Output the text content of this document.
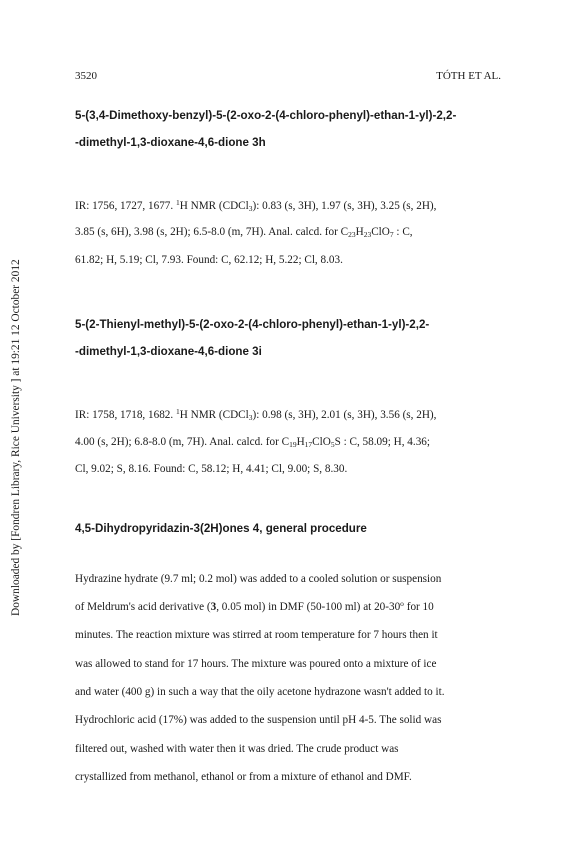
Downloaded by [Fondren Library, Rice University ] at 19:21 12 October 2012
3520	TÓTH ET AL.
5-(3,4-Dimethoxy-benzyl)-5-(2-oxo-2-(4-chloro-phenyl)-ethan-1-yl)-2,2-
-dimethyl-1,3-dioxane-4,6-dione 3h
IR: 1756, 1727, 1677. $^1$H NMR (CDCl$_3$): 0.83 (s, 3H), 1.97 (s, 3H), 3.25 (s, 2H),
3.85 (s, 6H), 3.98 (s, 2H); 6.5-8.0 (m, 7H). Anal. calcd. for $C_{23}H_{23}ClO_7$ : C,
61.82; H, 5.19; Cl, 7.93. Found: C, 62.12; H, 5.22; Cl, 8.03.
5-(2-Thienyl-methyl)-5-(2-oxo-2-(4-chloro-phenyl)-ethan-1-yl)-2,2-
-dimethyl-1,3-dioxane-4,6-dione 3i
IR: 1758, 1718, 1682. $^1$H NMR (CDCl$_3$): 0.98 (s, 3H), 2.01 (s, 3H), 3.56 (s, 2H),
4.00 (s, 2H); 6.8-8.0 (m, 7H). Anal. calcd. for $C_{19}H_{17}ClO_5S$ : C, 58.09; H, 4.36;
Cl, 9.02; S, 8.16. Found: C, 58.12; H, 4.41; Cl, 9.00; S, 8.30.
4,5-Dihydropyridazin-3(2H)ones 4, general procedure
Hydrazine hydrate (9.7 ml; 0.2 mol) was added to a cooled solution or suspension
of Meldrum's acid derivative (3, 0.05 mol) in DMF (50-100 ml) at 20-30$^o$ for 10
minutes. The reaction mixture was stirred at room temperature for 7 hours then it
was allowed to stand for 17 hours. The mixture was poured onto a mixture of ice
and water (400 g) in such a way that the oily acetone hydrazone wasn't added to it.
Hydrochloric acid (17%) was added to the suspension until pH 4-5. The solid was
filtered out, washed with water then it was dried. The crude product was
crystallized from methanol, ethanol or from a mixture of ethanol and DMF.
